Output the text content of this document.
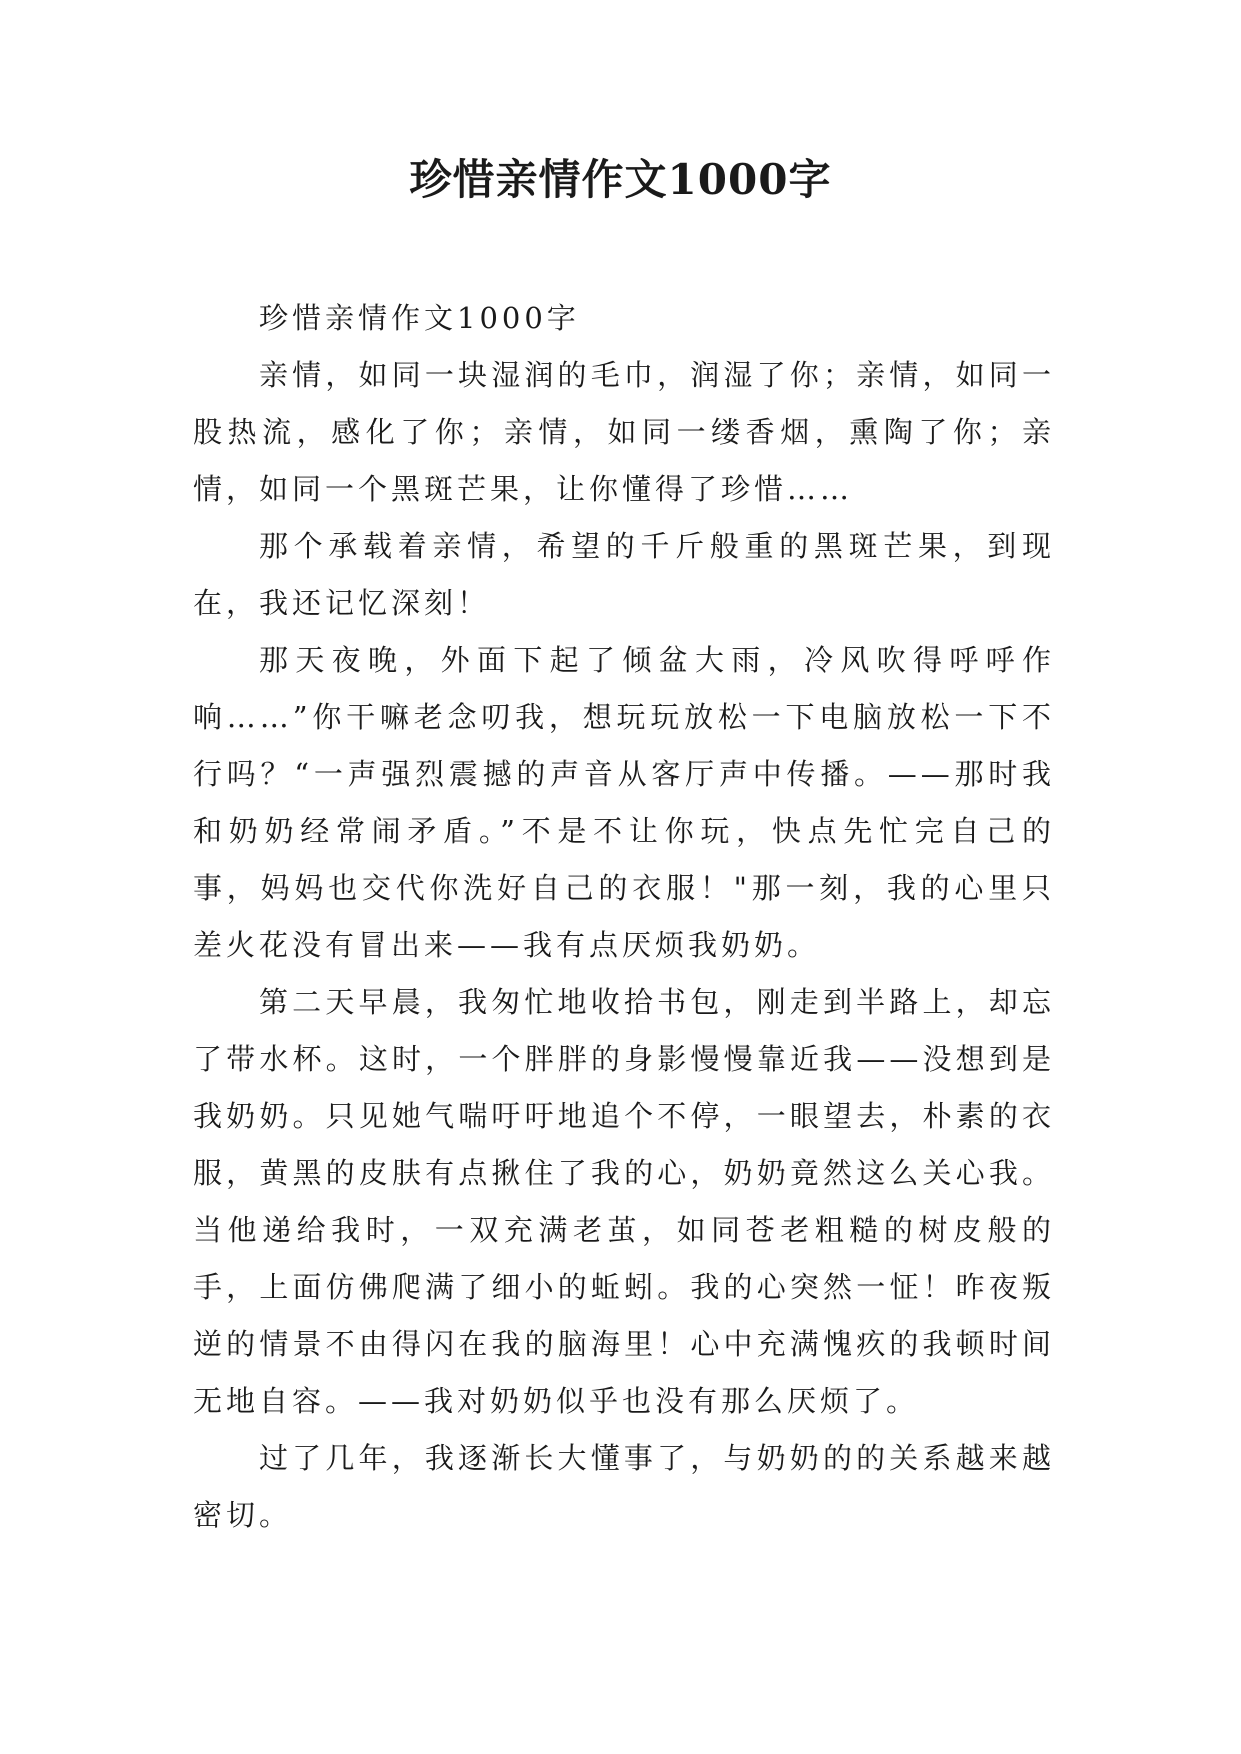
珍惜亲情作文1000字

珍惜亲情作文1000字

亲情，如同一块湿润的毛巾，润湿了你；亲情，如同一股热流，感化了你；亲情，如同一缕香烟，熏陶了你；亲情，如同一个黑斑芒果，让你懂得了珍惜……

那个承载着亲情，希望的千斤般重的黑斑芒果，到现在，我还记忆深刻！

那天夜晚，外面下起了倾盆大雨，冷风吹得呼呼作响……”你干嘛老念叨我，想玩玩放松一下电脑放松一下不行吗？“一声强烈震撼的声音从客厅声中传播。——那时我和奶奶经常闹矛盾。”不是不让你玩，快点先忙完自己的事，妈妈也交代你洗好自己的衣服！"那一刻，我的心里只差火花没有冒出来——我有点厌烦我奶奶。

第二天早晨，我匆忙地收拾书包，刚走到半路上，却忘了带水杯。这时，一个胖胖的身影慢慢靠近我——没想到是我奶奶。只见她气喘吁吁地追个不停，一眼望去，朴素的衣服，黄黑的皮肤有点揪住了我的心，奶奶竟然这么关心我。当他递给我时，一双充满老茧，如同苍老粗糙的树皮般的手，上面仿佛爬满了细小的蚯蚓。我的心突然一怔！昨夜叛逆的情景不由得闪在我的脑海里！心中充满愧疚的我顿时间无地自容。——我对奶奶似乎也没有那么厌烦了。

过了几年，我逐渐长大懂事了，与奶奶的的关系越来越密切。
